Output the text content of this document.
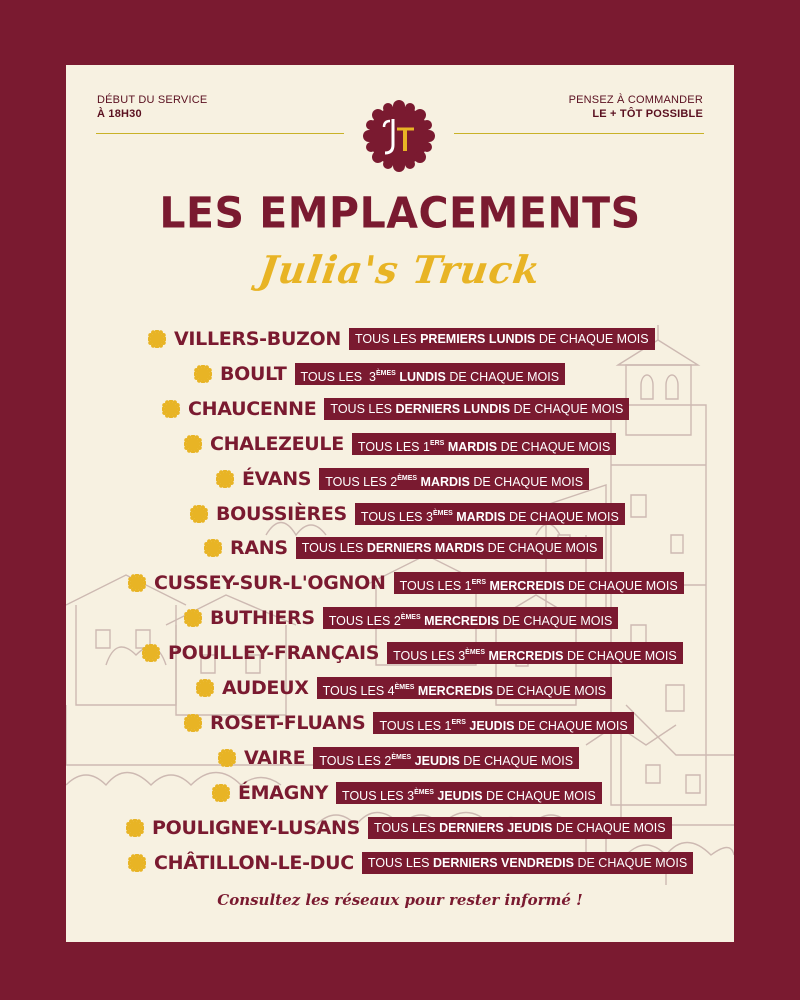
DÉBUT DU SERVICE
À 18H30
PENSEZ À COMMANDER
LE + TÔT POSSIBLE
LES EMPLACEMENTS
Julia's Truck
VILLERS-BUZON	TOUS LES PREMIERS LUNDIS DE CHAQUE MOIS
BOULT	TOUS LES  3ÈMES LUNDIS DE CHAQUE MOIS
CHAUCENNE	TOUS LES DERNIERS LUNDIS DE CHAQUE MOIS
CHALEZEULE	TOUS LES 1ERS MARDIS DE CHAQUE MOIS
ÉVANS	TOUS LES 2ÈMES MARDIS DE CHAQUE MOIS
BOUSSIÈRES	TOUS LES 3ÈMES MARDIS DE CHAQUE MOIS
RANS	TOUS LES DERNIERS MARDIS DE CHAQUE MOIS
CUSSEY-SUR-L'OGNON	TOUS LES 1ERS MERCREDIS DE CHAQUE MOIS
BUTHIERS	TOUS LES 2ÈMES MERCREDIS DE CHAQUE MOIS
POUILLEY-FRANÇAIS	TOUS LES 3ÈMES MERCREDIS DE CHAQUE MOIS
AUDEUX	TOUS LES 4ÈMES MERCREDIS DE CHAQUE MOIS
ROSET-FLUANS	TOUS LES 1ERS JEUDIS DE CHAQUE MOIS
VAIRE	TOUS LES 2ÈMES JEUDIS DE CHAQUE MOIS
ÉMAGNY	TOUS LES 3ÈMES JEUDIS DE CHAQUE MOIS
POULIGNEY-LUSANS	TOUS LES DERNIERS JEUDIS DE CHAQUE MOIS
CHÂTILLON-LE-DUC	TOUS LES DERNIERS VENDREDIS DE CHAQUE MOIS
Consultez les réseaux pour rester informé !
